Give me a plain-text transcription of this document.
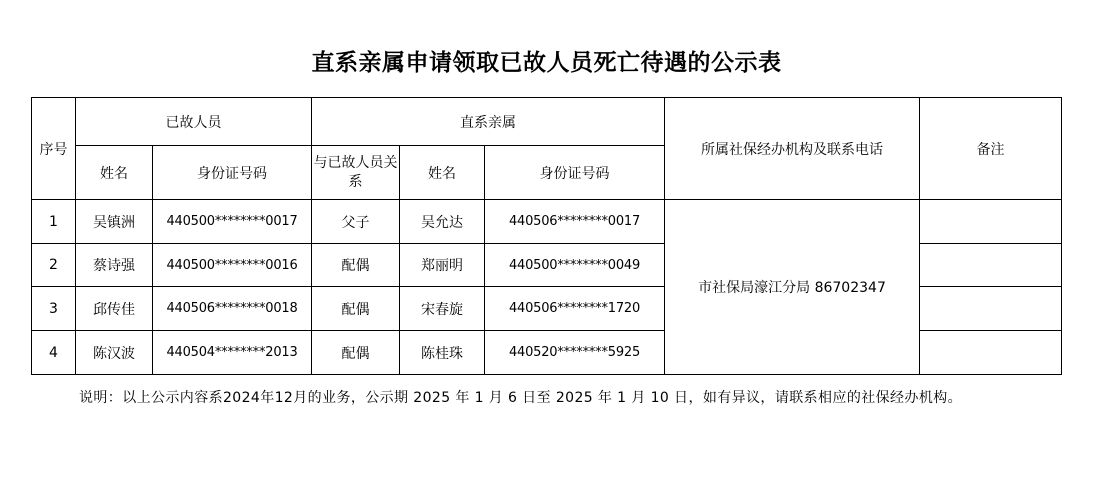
直系亲属申请领取已故人员死亡待遇的公示表
序号	已故人员		直系亲属			所属社保经办机构及联系电话	备注
	姓名	身份证号码	与已故人员关系	姓名	身份证号码		
1	吴镇洲	440500********0017	父子	吴允达	440506********0017	市社保局濠江分局 86702347	
2	蔡诗强	440500********0016	配偶	郑丽明	440500********0049		
3	邱传佳	440506********0018	配偶	宋春旋	440506********1720		
4	陈汉波	440504********2013	配偶	陈桂珠	440520********5925		
说明：以上公示内容系2024年12月的业务，公示期 2025 年 1 月 6 日至 2025 年 1 月 10 日，如有异议，请联系相应的社保经办机构。
